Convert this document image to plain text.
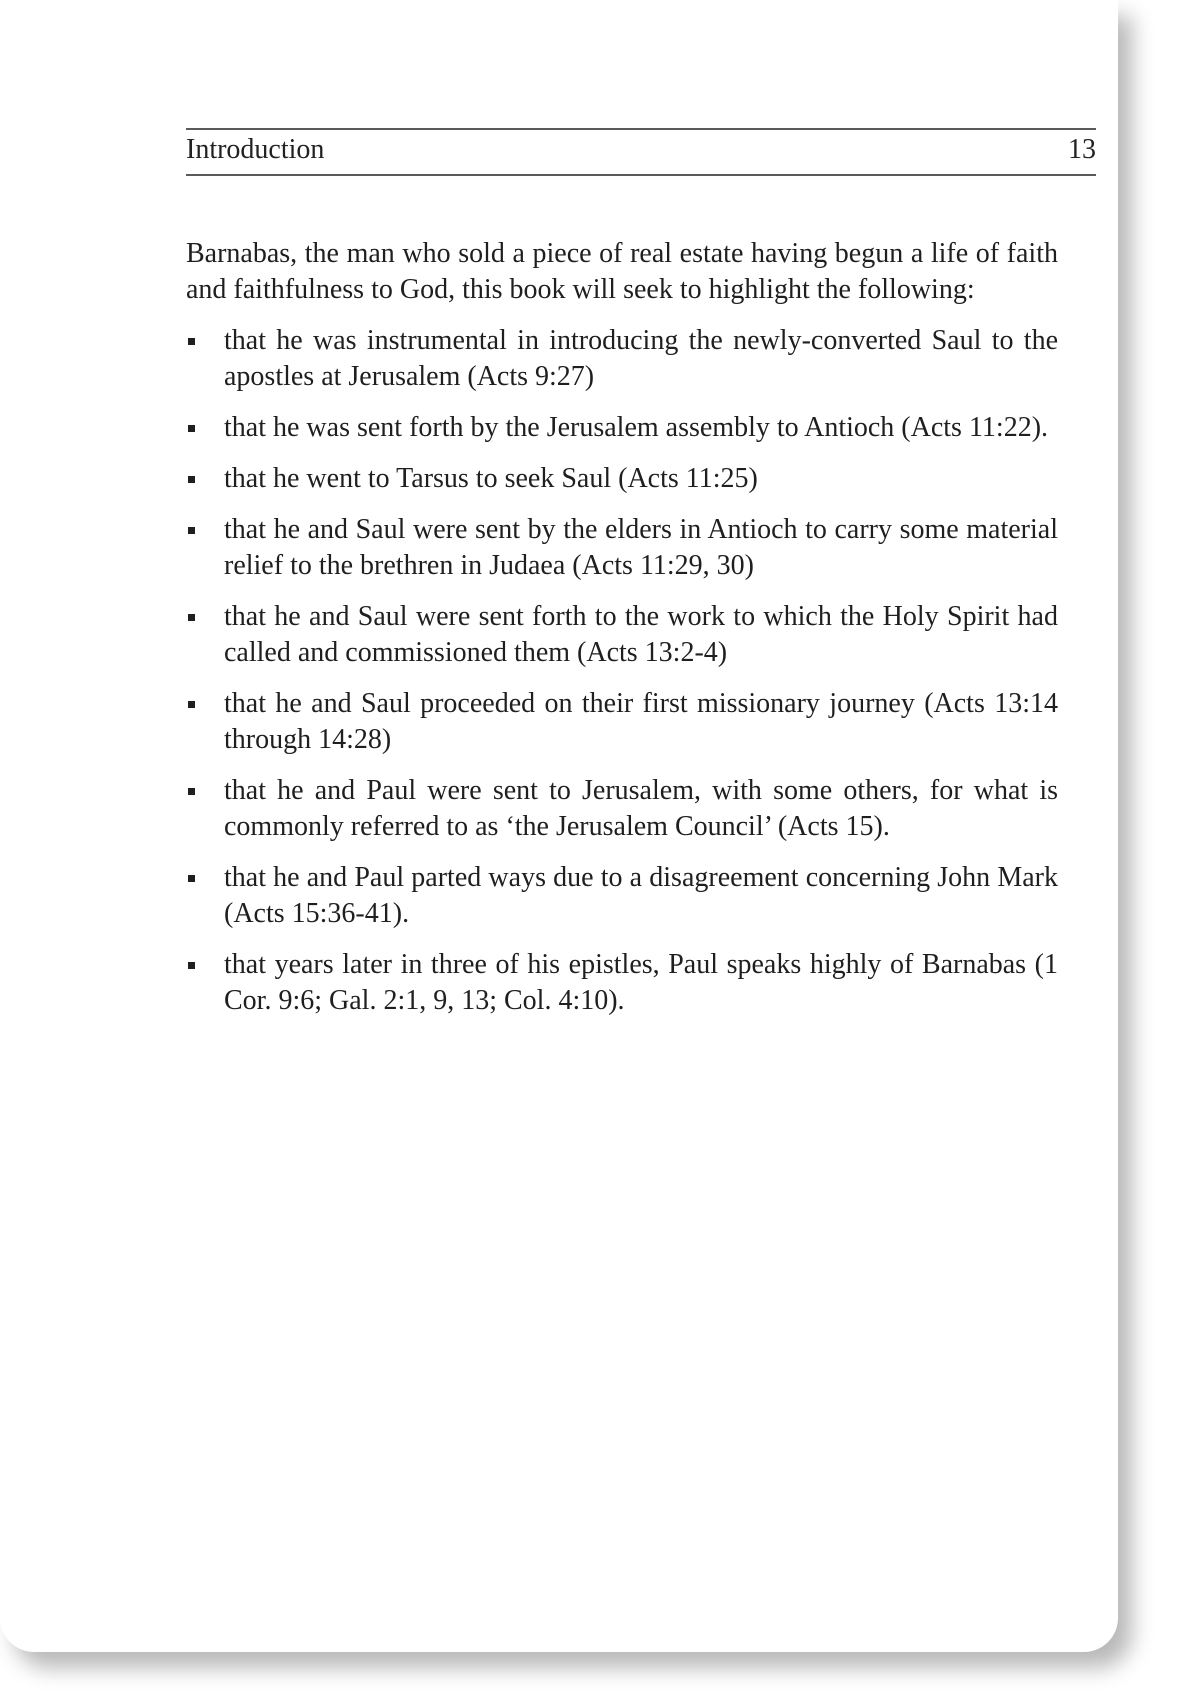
Introduction	13

Barnabas, the man who sold a piece of real estate having begun a life of faith and faithfulness to God, this book will seek to highlight the following:

that he was instrumental in introducing the newly-converted Saul to the apostles at Jerusalem (Acts 9:27)
that he was sent forth by the Jerusalem assembly to Antioch (Acts 11:22).
that he went to Tarsus to seek Saul (Acts 11:25)
that he and Saul were sent by the elders in Antioch to carry some material relief to the brethren in Judaea (Acts 11:29, 30)
that he and Saul were sent forth to the work to which the Holy Spirit had called and commissioned them (Acts 13:2-4)
that he and Saul proceeded on their first missionary journey (Acts 13:14 through 14:28)
that he and Paul were sent to Jerusalem, with some others, for what is commonly referred to as ‘the Jerusalem Council’ (Acts 15).
that he and Paul parted ways due to a disagreement concerning John Mark (Acts 15:36-41).
that years later in three of his epistles, Paul speaks highly of Barnabas (1 Cor. 9:6; Gal. 2:1, 9, 13; Col. 4:10).
